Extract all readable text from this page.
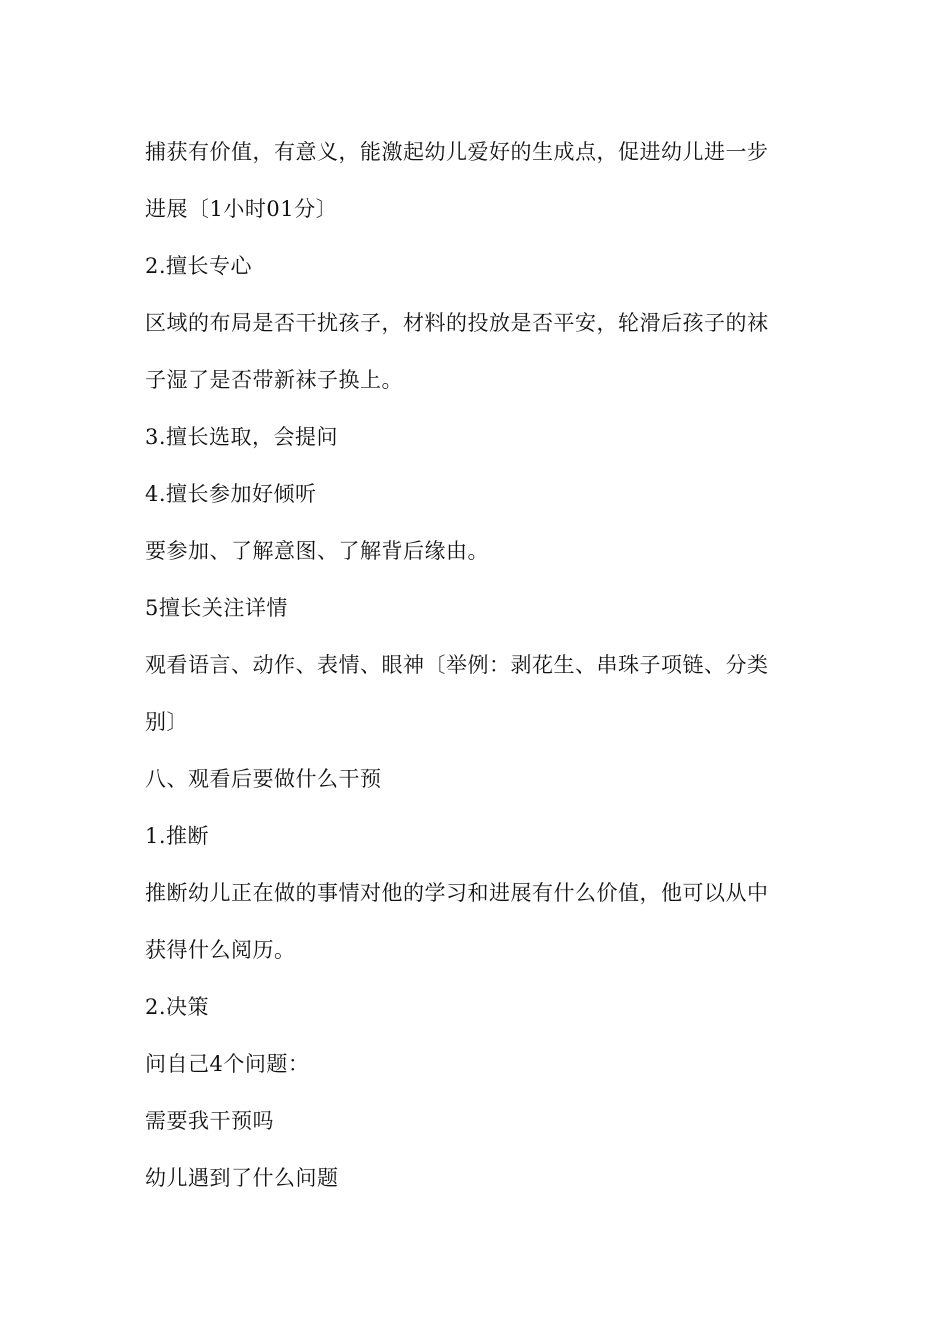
捕获有价值，有意义，能激起幼儿爱好的生成点，促进幼儿进一步
进展〔1小时01分〕
2.擅长专心
区域的布局是否干扰孩子，材料的投放是否平安，轮滑后孩子的袜
子湿了是否带新袜子换上。
3.擅长选取，会提问
4.擅长参加好倾听
要参加、了解意图、了解背后缘由。
5擅长关注详情
观看语言、动作、表情、眼神〔举例：剥花生、串珠子项链、分类
别〕
八、观看后要做什么干预
1.推断
推断幼儿正在做的事情对他的学习和进展有什么价值，他可以从中
获得什么阅历。
2.决策
问自己4个问题：
需要我干预吗
幼儿遇到了什么问题
